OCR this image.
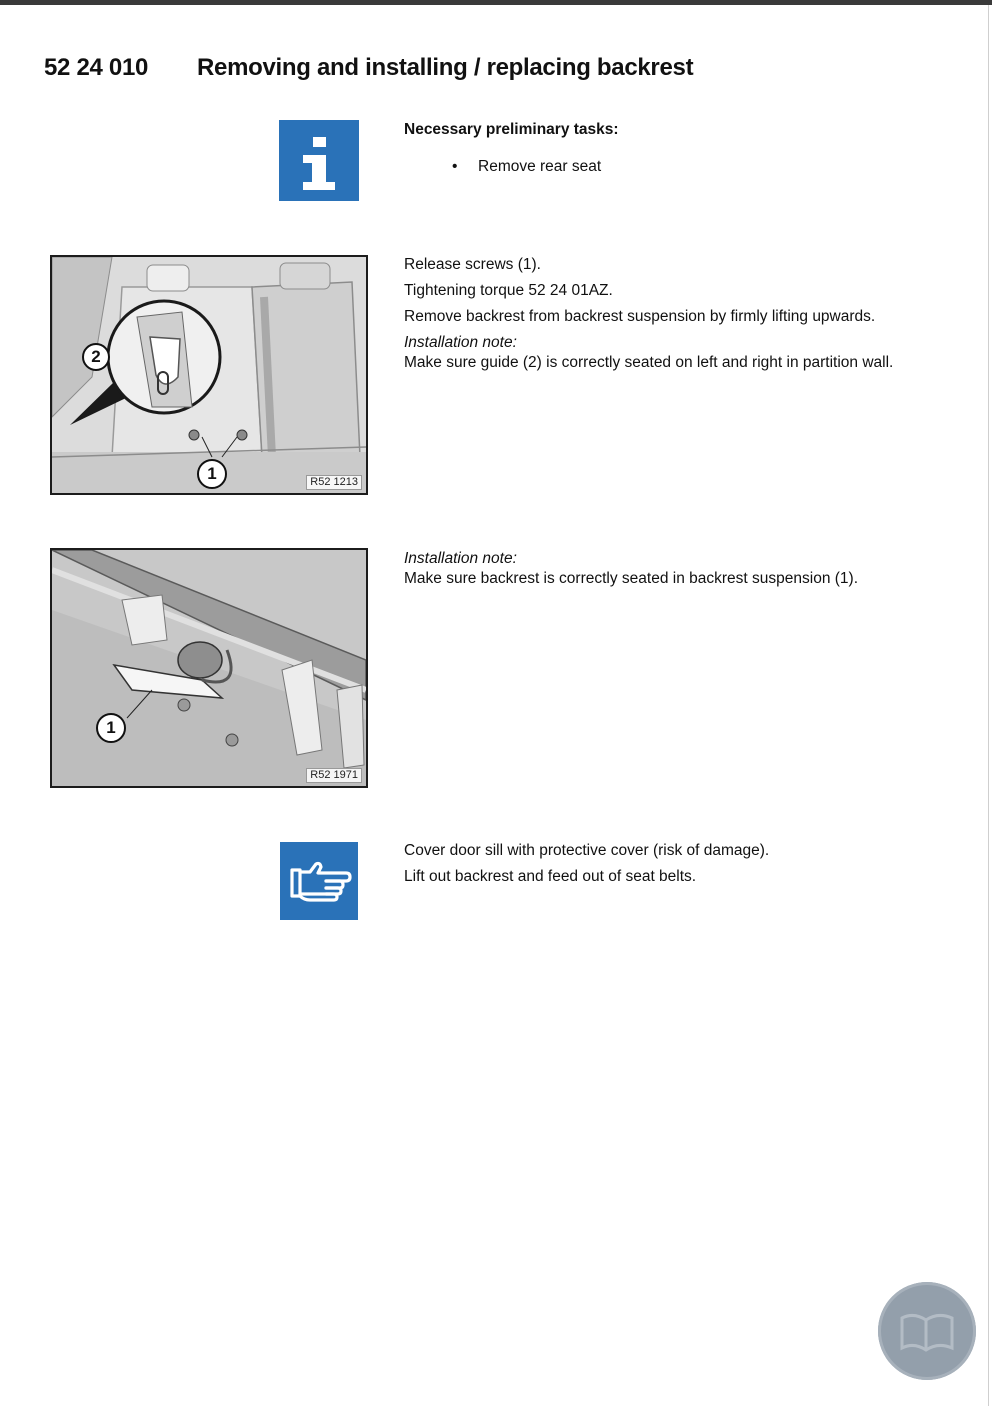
52 24 010 Removing and installing / replacing backrest

Necessary preliminary tasks:

• Remove rear seat
2
1	R52 1213

Release screws (1).

Tightening torque 52 24 01AZ.

Remove backrest from backrest suspension by firmly lifting upwards.

Installation note:

Make sure guide (2) is correctly seated on left and right in partition wall.

1
R52 1971

Installation note:

Make sure backrest is correctly seated in backrest suspension (1).

Cover door sill with protective cover (risk of damage).

Lift out backrest and feed out of seat belts.
